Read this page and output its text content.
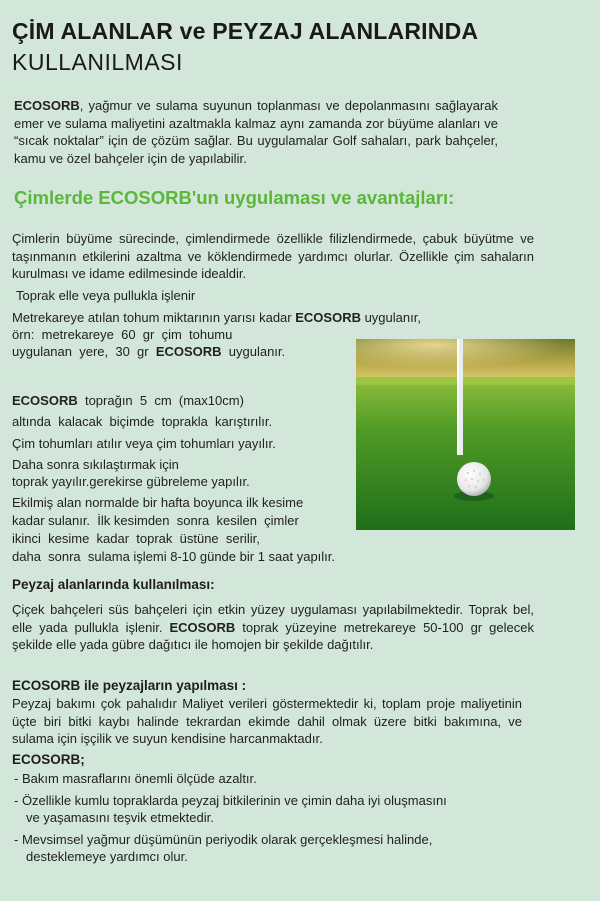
ÇİM ALANLAR ve PEYZAJ ALANLARINDA
KULLANILMASI
ECOSORB, yağmur ve sulama suyunun toplanması ve depolanmasını sağlayarak emer ve sulama maliyetini azaltmakla kalmaz aynı zamanda zor büyüme alanları ve “sıcak noktalar” için de çözüm sağlar. Bu uygulamalar Golf sahaları, park bahçeler, kamu ve özel bahçeler için de yapılabilir.
Çimlerde ECOSORB'un uygulaması ve avantajları:
Çimlerin büyüme sürecinde, çimlendirmede özellikle filizlendirmede, çabuk büyütme ve taşınmanın etkilerini azaltma ve köklendirmede yardımcı olurlar. Özellikle çim sahaların kurulması ve idame edilmesinde idealdir.
Toprak elle veya pullukla işlenir
Metrekareye atılan tohum miktarının yarısı kadar ECOSORB uygulanır,
örn:  metrekareye  60  gr  çim  tohumu
uygulanan  yere,  30  gr  ECOSORB  uygulanır.
ECOSORB  toprağın  5  cm  (max10cm)
altında  kalacak  biçimde  toprakla  karıştırılır.
Çim tohumları atılır veya çim tohumları yayılır.
Daha sonra sıkılaştırmak için
toprak yayılır.gerekirse gübreleme yapılır.
Ekilmiş alan normalde bir hafta boyunca ilk kesime
kadar sulanır.  İlk kesimden  sonra  kesilen  çimler
ikinci  kesime  kadar  toprak  üstüne  serilir,
daha  sonra  sulama işlemi 8-10 günde bir 1 saat yapılır.
Peyzaj alanlarında kullanılması:
Çiçek bahçeleri süs bahçeleri için etkin yüzey uygulaması yapılabilmektedir. Toprak bel, elle yada pullukla işlenir. ECOSORB toprak yüzeyine metrekareye 50-100 gr gelecek şekilde elle yada gübre dağıtıcı ile homojen bir şekilde dağıtılır.
ECOSORB ile peyzajların yapılması :
Peyzaj bakımı çok pahalıdır Maliyet verileri göstermektedir ki, toplam proje maliyetinin üçte biri bitki kaybı halinde tekrardan ekimde dahil olmak üzere bitki bakımına, ve sulama için işçilik ve suyun kendisine harcanmaktadır.
ECOSORB;
- Bakım masraflarını önemli ölçüde azaltır.
- Özellikle kumlu topraklarda peyzaj bitkilerinin ve çimin daha iyi oluşmasını
ve yaşamasını teşvik etmektedir.
- Mevsimsel yağmur düşümünün periyodik olarak gerçekleşmesi halinde,
desteklemeye yardımcı olur.
